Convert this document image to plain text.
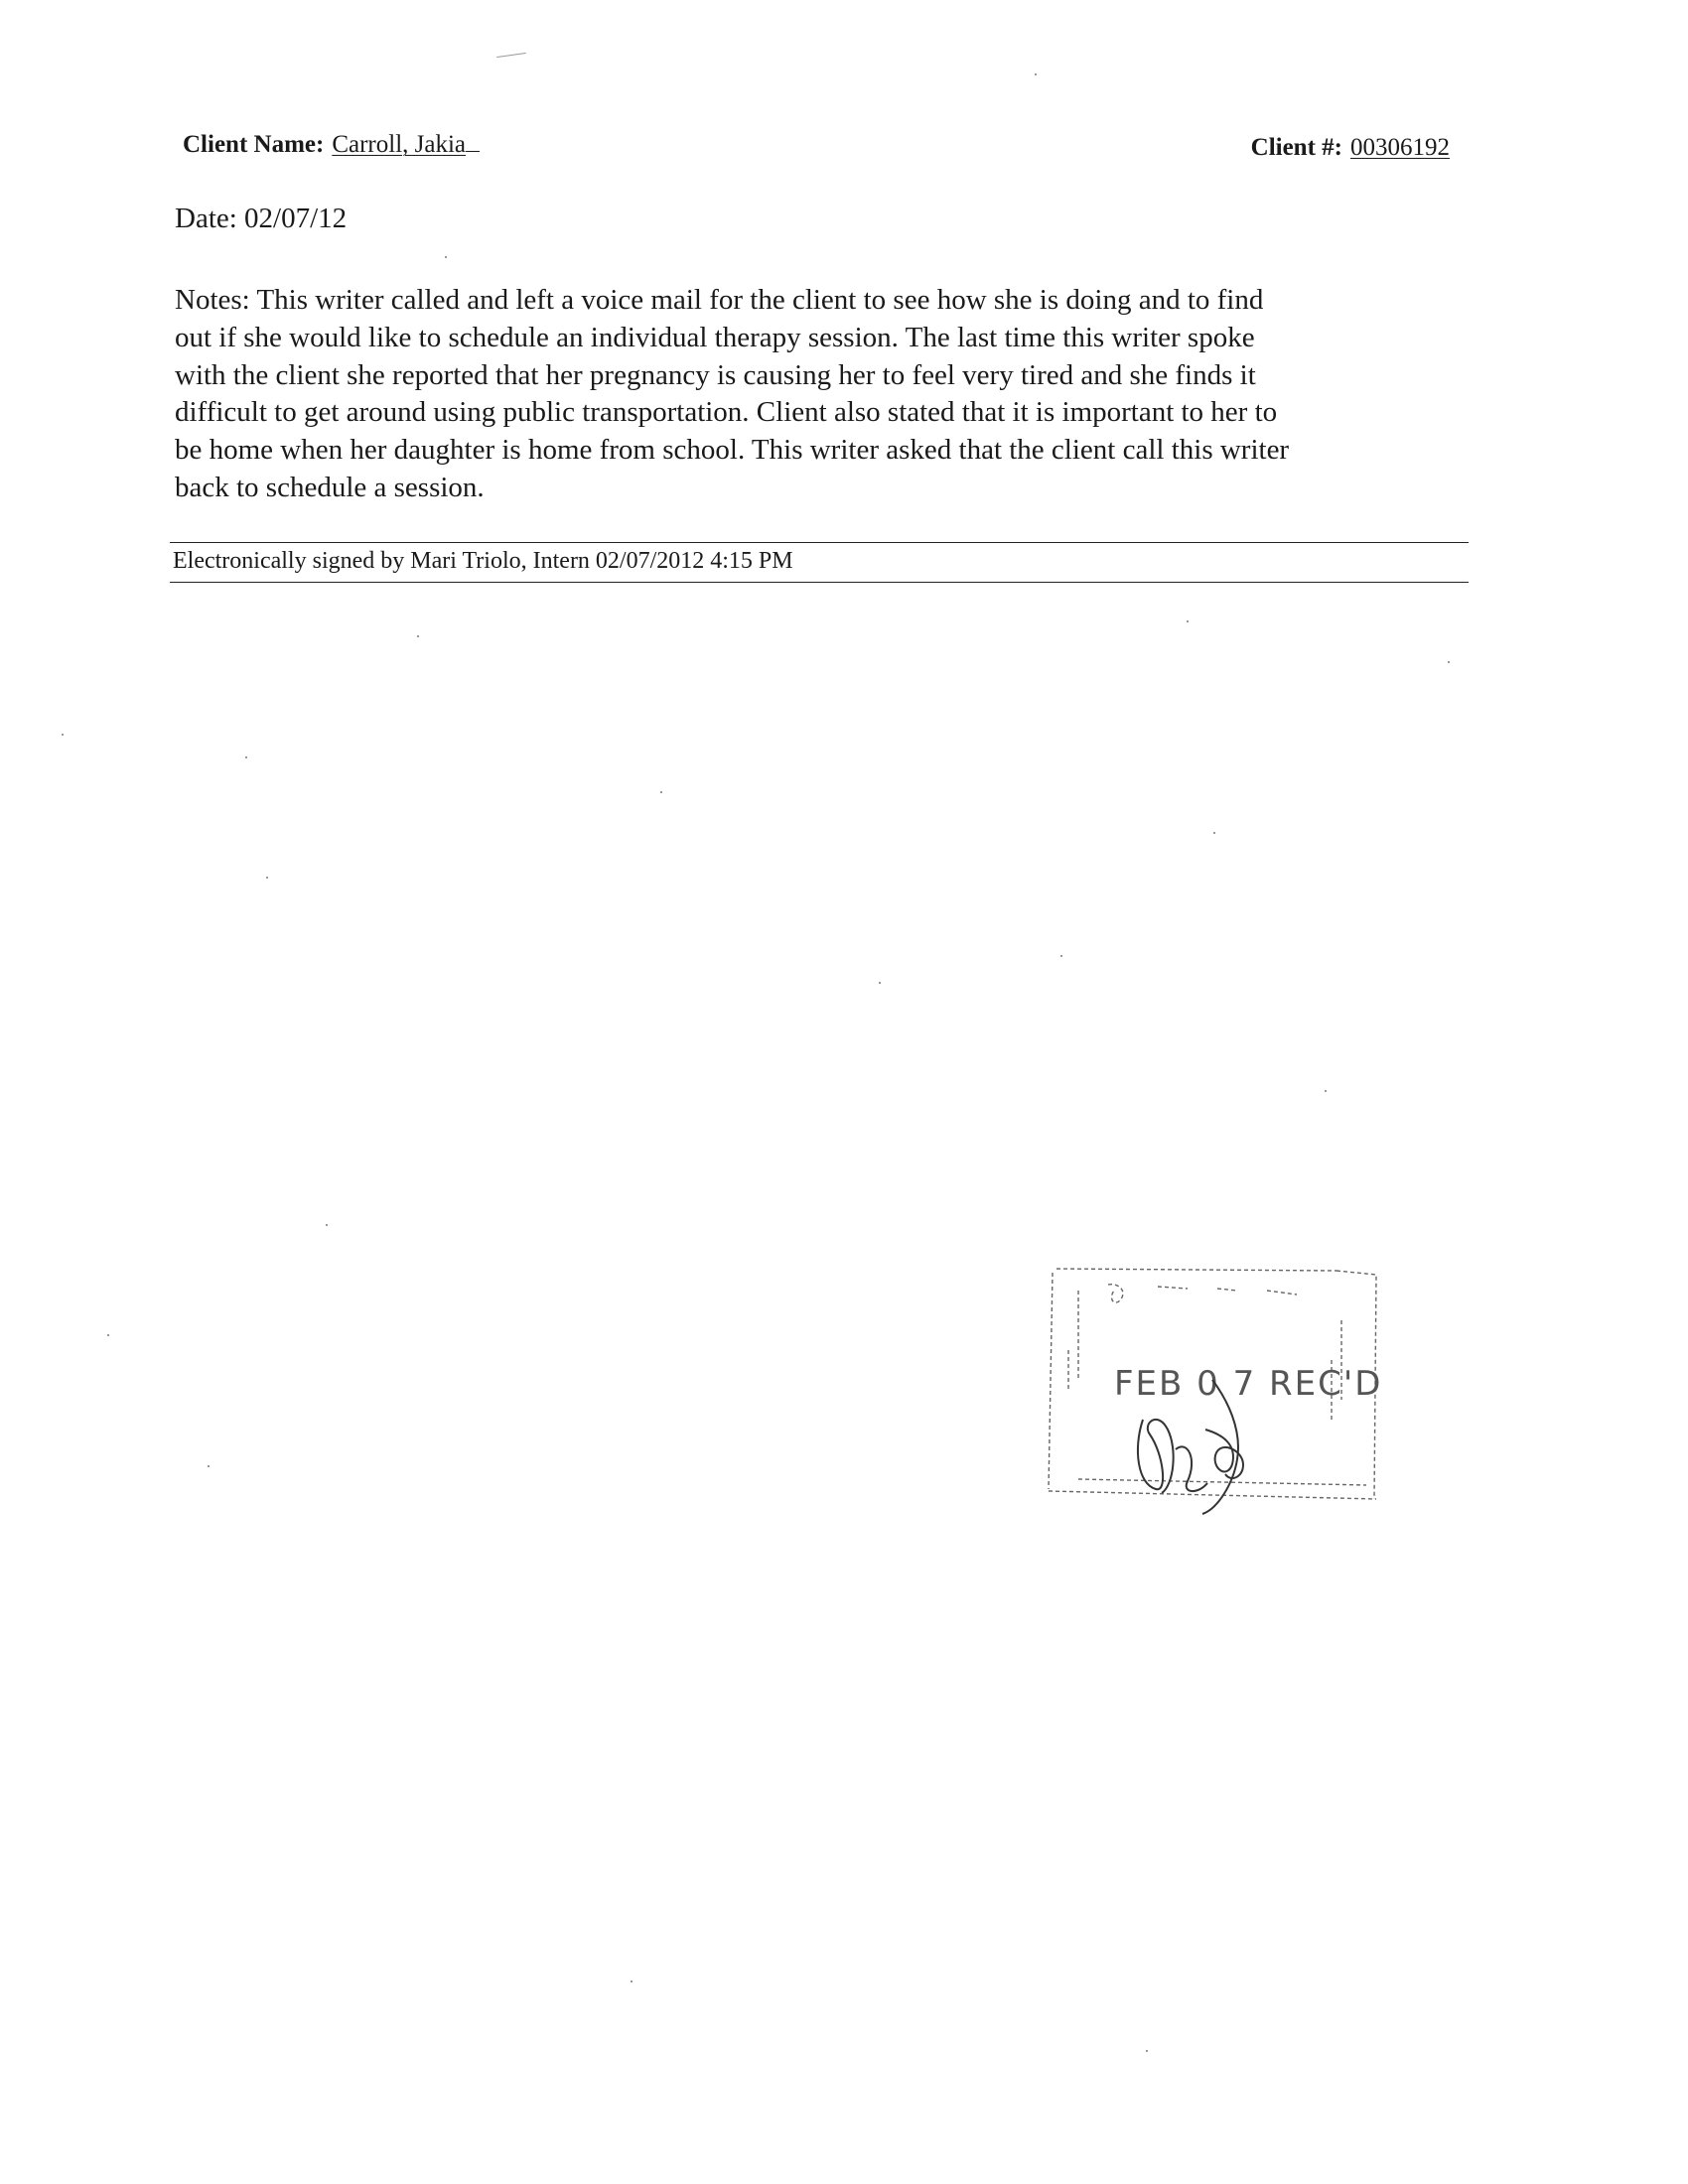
Client Name: Carroll, Jakia	Client #: 00306192
Date: 02/07/12
Notes: This writer called and left a voice mail for the client to see how she is doing and to find
out if she would like to schedule an individual therapy session. The last time this writer spoke
with the client she reported that her pregnancy is causing her to feel very tired and she finds it
difficult to get around using public transportation. Client also stated that it is important to her to
be home when her daughter is home from school. This writer asked that the client call this writer
back to schedule a session.
Electronically signed by Mari Triolo, Intern 02/07/2012 4:15 PM
FEB 0 7 REC'D
